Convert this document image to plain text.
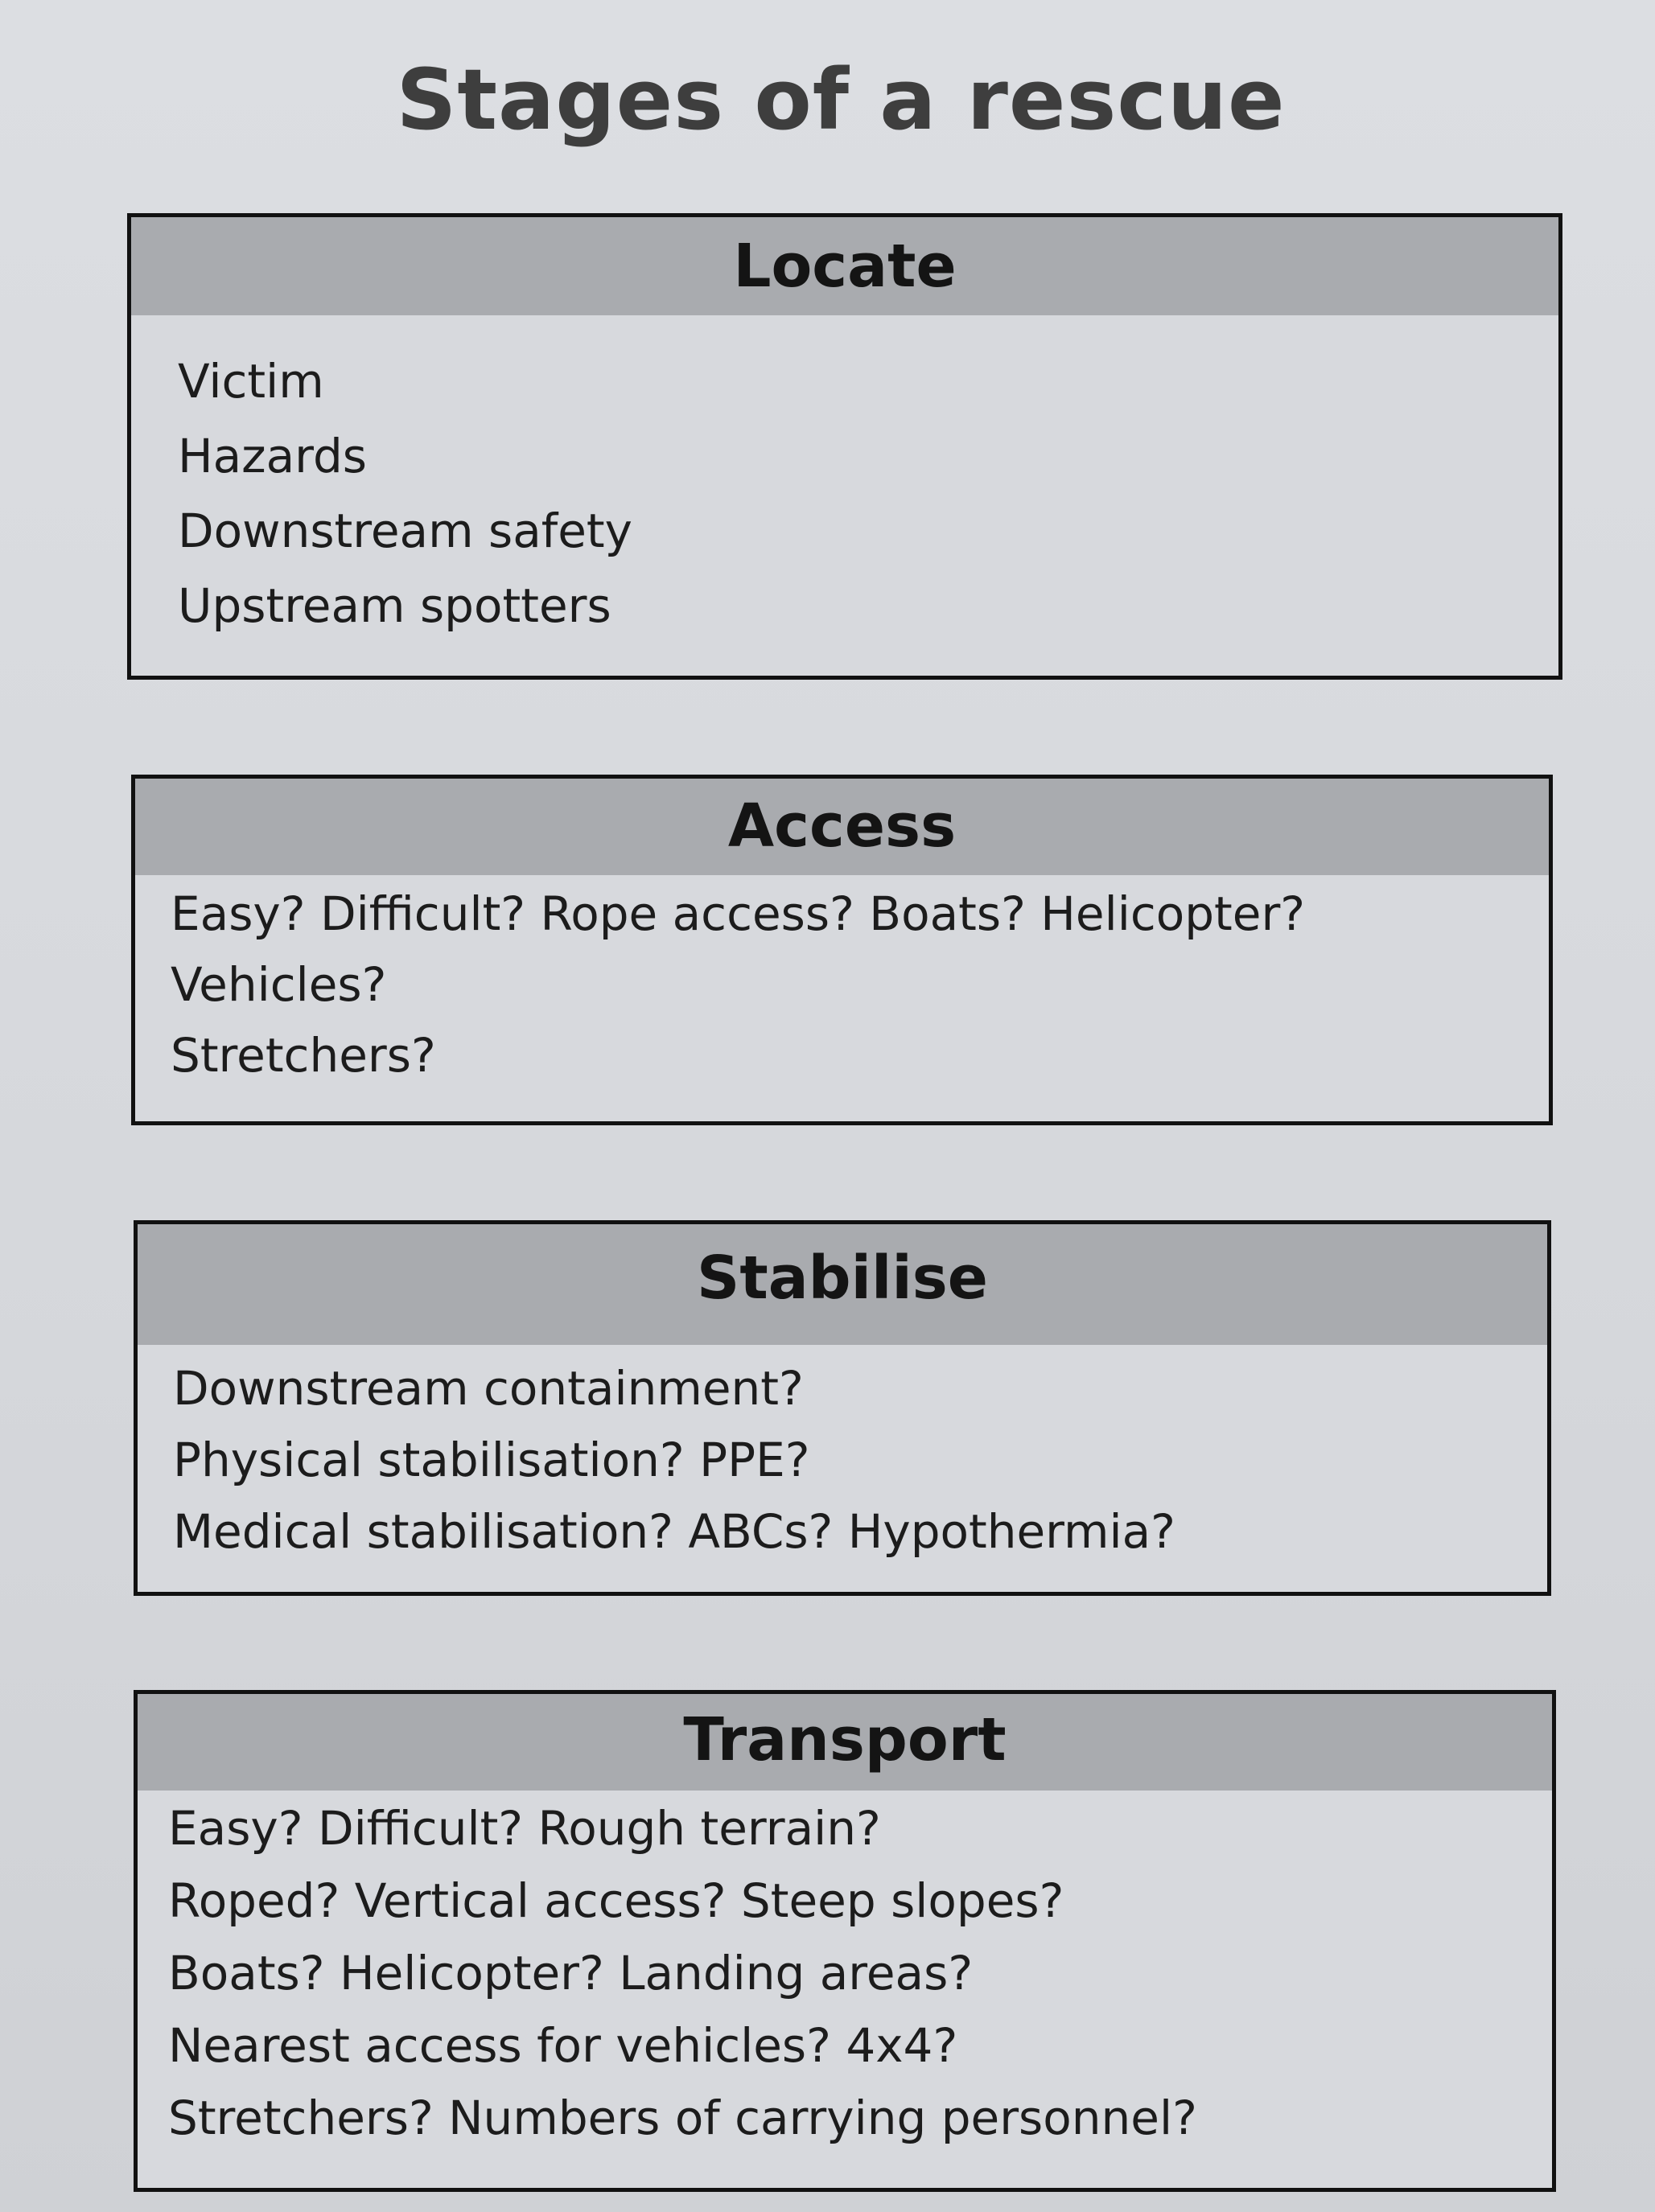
Stages of a rescue
Locate
Victim
Hazards
Downstream safety
Upstream spotters
Access
Easy? Difficult? Rope access? Boats? Helicopter?
Vehicles?
Stretchers?
Stabilise
Downstream containment?
Physical stabilisation? PPE?
Medical stabilisation? ABCs? Hypothermia?
Transport
Easy? Difficult? Rough terrain?
Roped? Vertical access? Steep slopes?
Boats? Helicopter? Landing areas?
Nearest access for vehicles? 4x4?
Stretchers? Numbers of carrying personnel?
